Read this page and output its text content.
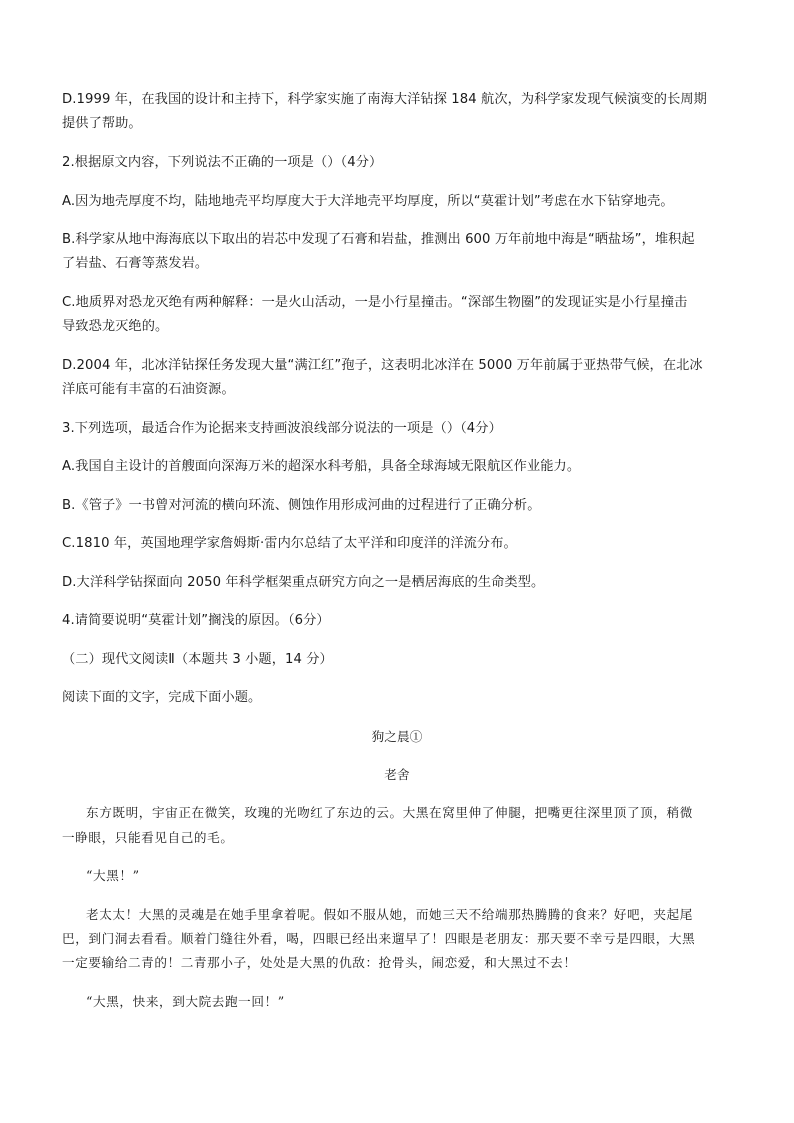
D.1999 年，在我国的设计和主持下，科学家实施了南海大洋钻探 184 航次，为科学家发现气候演变的长周期
提供了帮助。
2.根据原文内容，下列说法不正确的一项是（）（4分）
A.因为地壳厚度不均，陆地地壳平均厚度大于大洋地壳平均厚度，所以“莫霍计划”考虑在水下钻穿地壳。
B.科学家从地中海海底以下取出的岩芯中发现了石膏和岩盐，推测出 600 万年前地中海是“晒盐场”，堆积起
了岩盐、石膏等蒸发岩。
C.地质界对恐龙灭绝有两种解释：一是火山活动，一是小行星撞击。“深部生物圈”的发现证实是小行星撞击
导致恐龙灭绝的。
D.2004 年，北冰洋钻探任务发现大量“满江红”孢子，这表明北冰洋在 5000 万年前属于亚热带气候，在北冰
洋底可能有丰富的石油资源。
3.下列选项，最适合作为论据来支持画波浪线部分说法的一项是（）（4分）
A.我国自主设计的首艘面向深海万米的超深水科考船，具备全球海域无限航区作业能力。
B.《管子》一书曾对河流的横向环流、侧蚀作用形成河曲的过程进行了正确分析。
C.1810 年，英国地理学家詹姆斯·雷内尔总结了太平洋和印度洋的洋流分布。
D.大洋科学钻探面向 2050 年科学框架重点研究方向之一是栖居海底的生命类型。
4.请简要说明“莫霍计划”搁浅的原因。（6分）
（二）现代文阅读Ⅱ（本题共 3 小题，14 分）
阅读下面的文字，完成下面小题。
狗之晨①
老舍
东方既明，宇宙正在微笑，玫瑰的光吻红了东边的云。大黑在窝里伸了伸腿，把嘴更往深里顶了顶，稍微
一睁眼，只能看见自己的毛。
“大黑！”
老太太！大黑的灵魂是在她手里拿着呢。假如不服从她，而她三天不给端那热腾腾的食来？好吧，夹起尾
巴，到门洞去看看。顺着门缝往外看，喝，四眼已经出来遛早了！四眼是老朋友：那天要不幸亏是四眼，大黑
一定要输给二青的！二青那小子，处处是大黑的仇敌：抢骨头，闹恋爱，和大黑过不去！
“大黑，快来，到大院去跑一回！”
